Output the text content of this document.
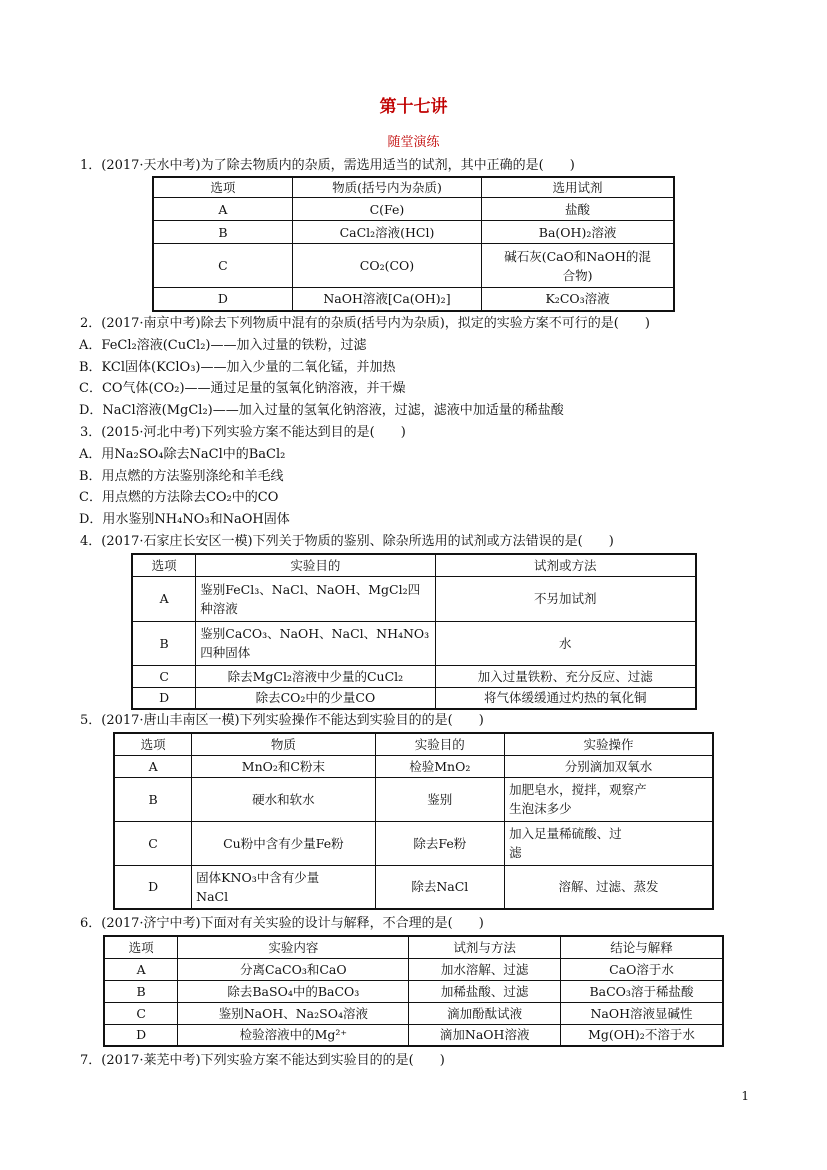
第十七讲
随堂演练
1．(2017·天水中考)为了除去物质内的杂质，需选用适当的试剂，其中正确的是(　　)
选项	物质(括号内为杂质)	选用试剂
A	C(Fe)	盐酸
B	CaCl₂溶液(HCl)	Ba(OH)₂溶液
C	CO₂(CO)	碱石灰(CaO和NaOH的混合物)
D	NaOH溶液[Ca(OH)₂]	K₂CO₃溶液
2．(2017·南京中考)除去下列物质中混有的杂质(括号内为杂质)，拟定的实验方案不可行的是(　　)
A．FeCl₂溶液(CuCl₂)——加入过量的铁粉，过滤
B．KCl固体(KClO₃)——加入少量的二氧化锰，并加热
C．CO气体(CO₂)——通过足量的氢氧化钠溶液，并干燥
D．NaCl溶液(MgCl₂)——加入过量的氢氧化钠溶液，过滤，滤液中加适量的稀盐酸
3．(2015·河北中考)下列实验方案不能达到目的是(　　)
A．用Na₂SO₄除去NaCl中的BaCl₂
B．用点燃的方法鉴别涤纶和羊毛线
C．用点燃的方法除去CO₂中的CO
D．用水鉴别NH₄NO₃和NaOH固体
4．(2017·石家庄长安区一模)下列关于物质的鉴别、除杂所选用的试剂或方法错误的是(　　)
选项	实验目的	试剂或方法
A	鉴别FeCl₃、NaCl、NaOH、MgCl₂四种溶液	不另加试剂
B	鉴别CaCO₃、NaOH、NaCl、NH₄NO₃四种固体	水
C	除去MgCl₂溶液中少量的CuCl₂	加入过量铁粉、充分反应、过滤
D	除去CO₂中的少量CO	将气体缓缓通过灼热的氧化铜
5．(2017·唐山丰南区一模)下列实验操作不能达到实验目的的是(　　)
选项	物质	实验目的	实验操作
A	MnO₂和C粉末	检验MnO₂	分别滴加双氧水
B	硬水和软水	鉴别	加肥皂水，搅拌，观察产生泡沫多少
C	Cu粉中含有少量Fe粉	除去Fe粉	加入足量稀硫酸、过滤
D	固体KNO₃中含有少量NaCl	除去NaCl	溶解、过滤、蒸发
6．(2017·济宁中考)下面对有关实验的设计与解释，不合理的是(　　)
选项	实验内容	试剂与方法	结论与解释
A	分离CaCO₃和CaO	加水溶解、过滤	CaO溶于水
B	除去BaSO₄中的BaCO₃	加稀盐酸、过滤	BaCO₃溶于稀盐酸
C	鉴别NaOH、Na₂SO₄溶液	滴加酚酞试液	NaOH溶液显碱性
D	检验溶液中的Mg²⁺	滴加NaOH溶液	Mg(OH)₂不溶于水
7．(2017·莱芜中考)下列实验方案不能达到实验目的的是(　　)
1
